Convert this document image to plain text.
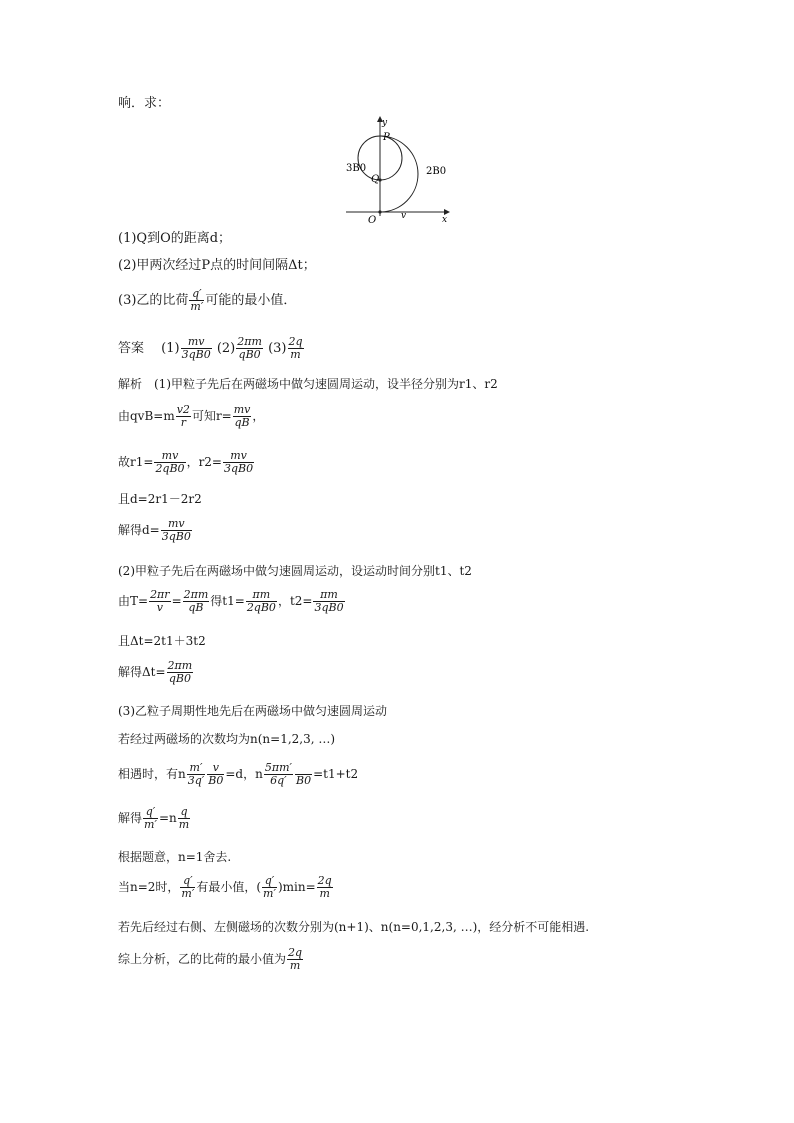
响．求：
y
x
P
Q
O	v
3B0	2B0
(1)Q到O的距离d；
(2)甲两次经过P点的时间间隔Δt；
(3)乙的比荷 $\frac{q'}{m'}$ 可能的最小值．
答案　 $(1) \frac{mv}{3qB0} (2) \frac{2\pi m}{qB0} (3) \frac{2q}{m}$
解析　(1)甲粒子先后在两磁场中做匀速圆周运动，设半径分别为r1、r2
由$qvB=m \frac{v2}{r}$ 可知$r= \frac{mv}{qB}$ ，
故$r1= \frac{mv}{2qB0}$ ，$r2= \frac{mv}{3qB0}$
且d=2r1－2r2
解得$d= \frac{mv}{3qB0}$
(2)甲粒子先后在两磁场中做匀速圆周运动，设运动时间分别t1、t2
由$T= \frac{2\pi r}{v} = \frac{2\pi m}{qB}$ 得$t1= \frac{\pi m}{2qB0}$ ，$t2= \frac{\pi m}{3qB0}$
且Δt=2t1＋3t2
解得$\Delta t= \frac{2\pi m}{qB0}$
(3)乙粒子周期性地先后在两磁场中做匀速圆周运动
若经过两磁场的次数均为n(n=1,2,3, …)
相遇时，有n $\frac{m'}{3q'} \frac{v}{B0} =d$，n $\frac{5\pi m'}{6q'}$
B0 =t1+t2
解得 $\frac{q'}{m'} =n \frac{q}{m}$
根据题意，n=1舍去.
当n=2时， $\frac{q'}{m'}$ 有最小值，( $\frac{q'}{m'} )\min= \frac{2q}{m}$
若先后经过右侧、左侧磁场的次数分别为(n+1)、n(n=0,1,2,3, …)，经分析不可能相遇.
综上分析，乙的比荷的最小值为 $\frac{2q}{m}$
